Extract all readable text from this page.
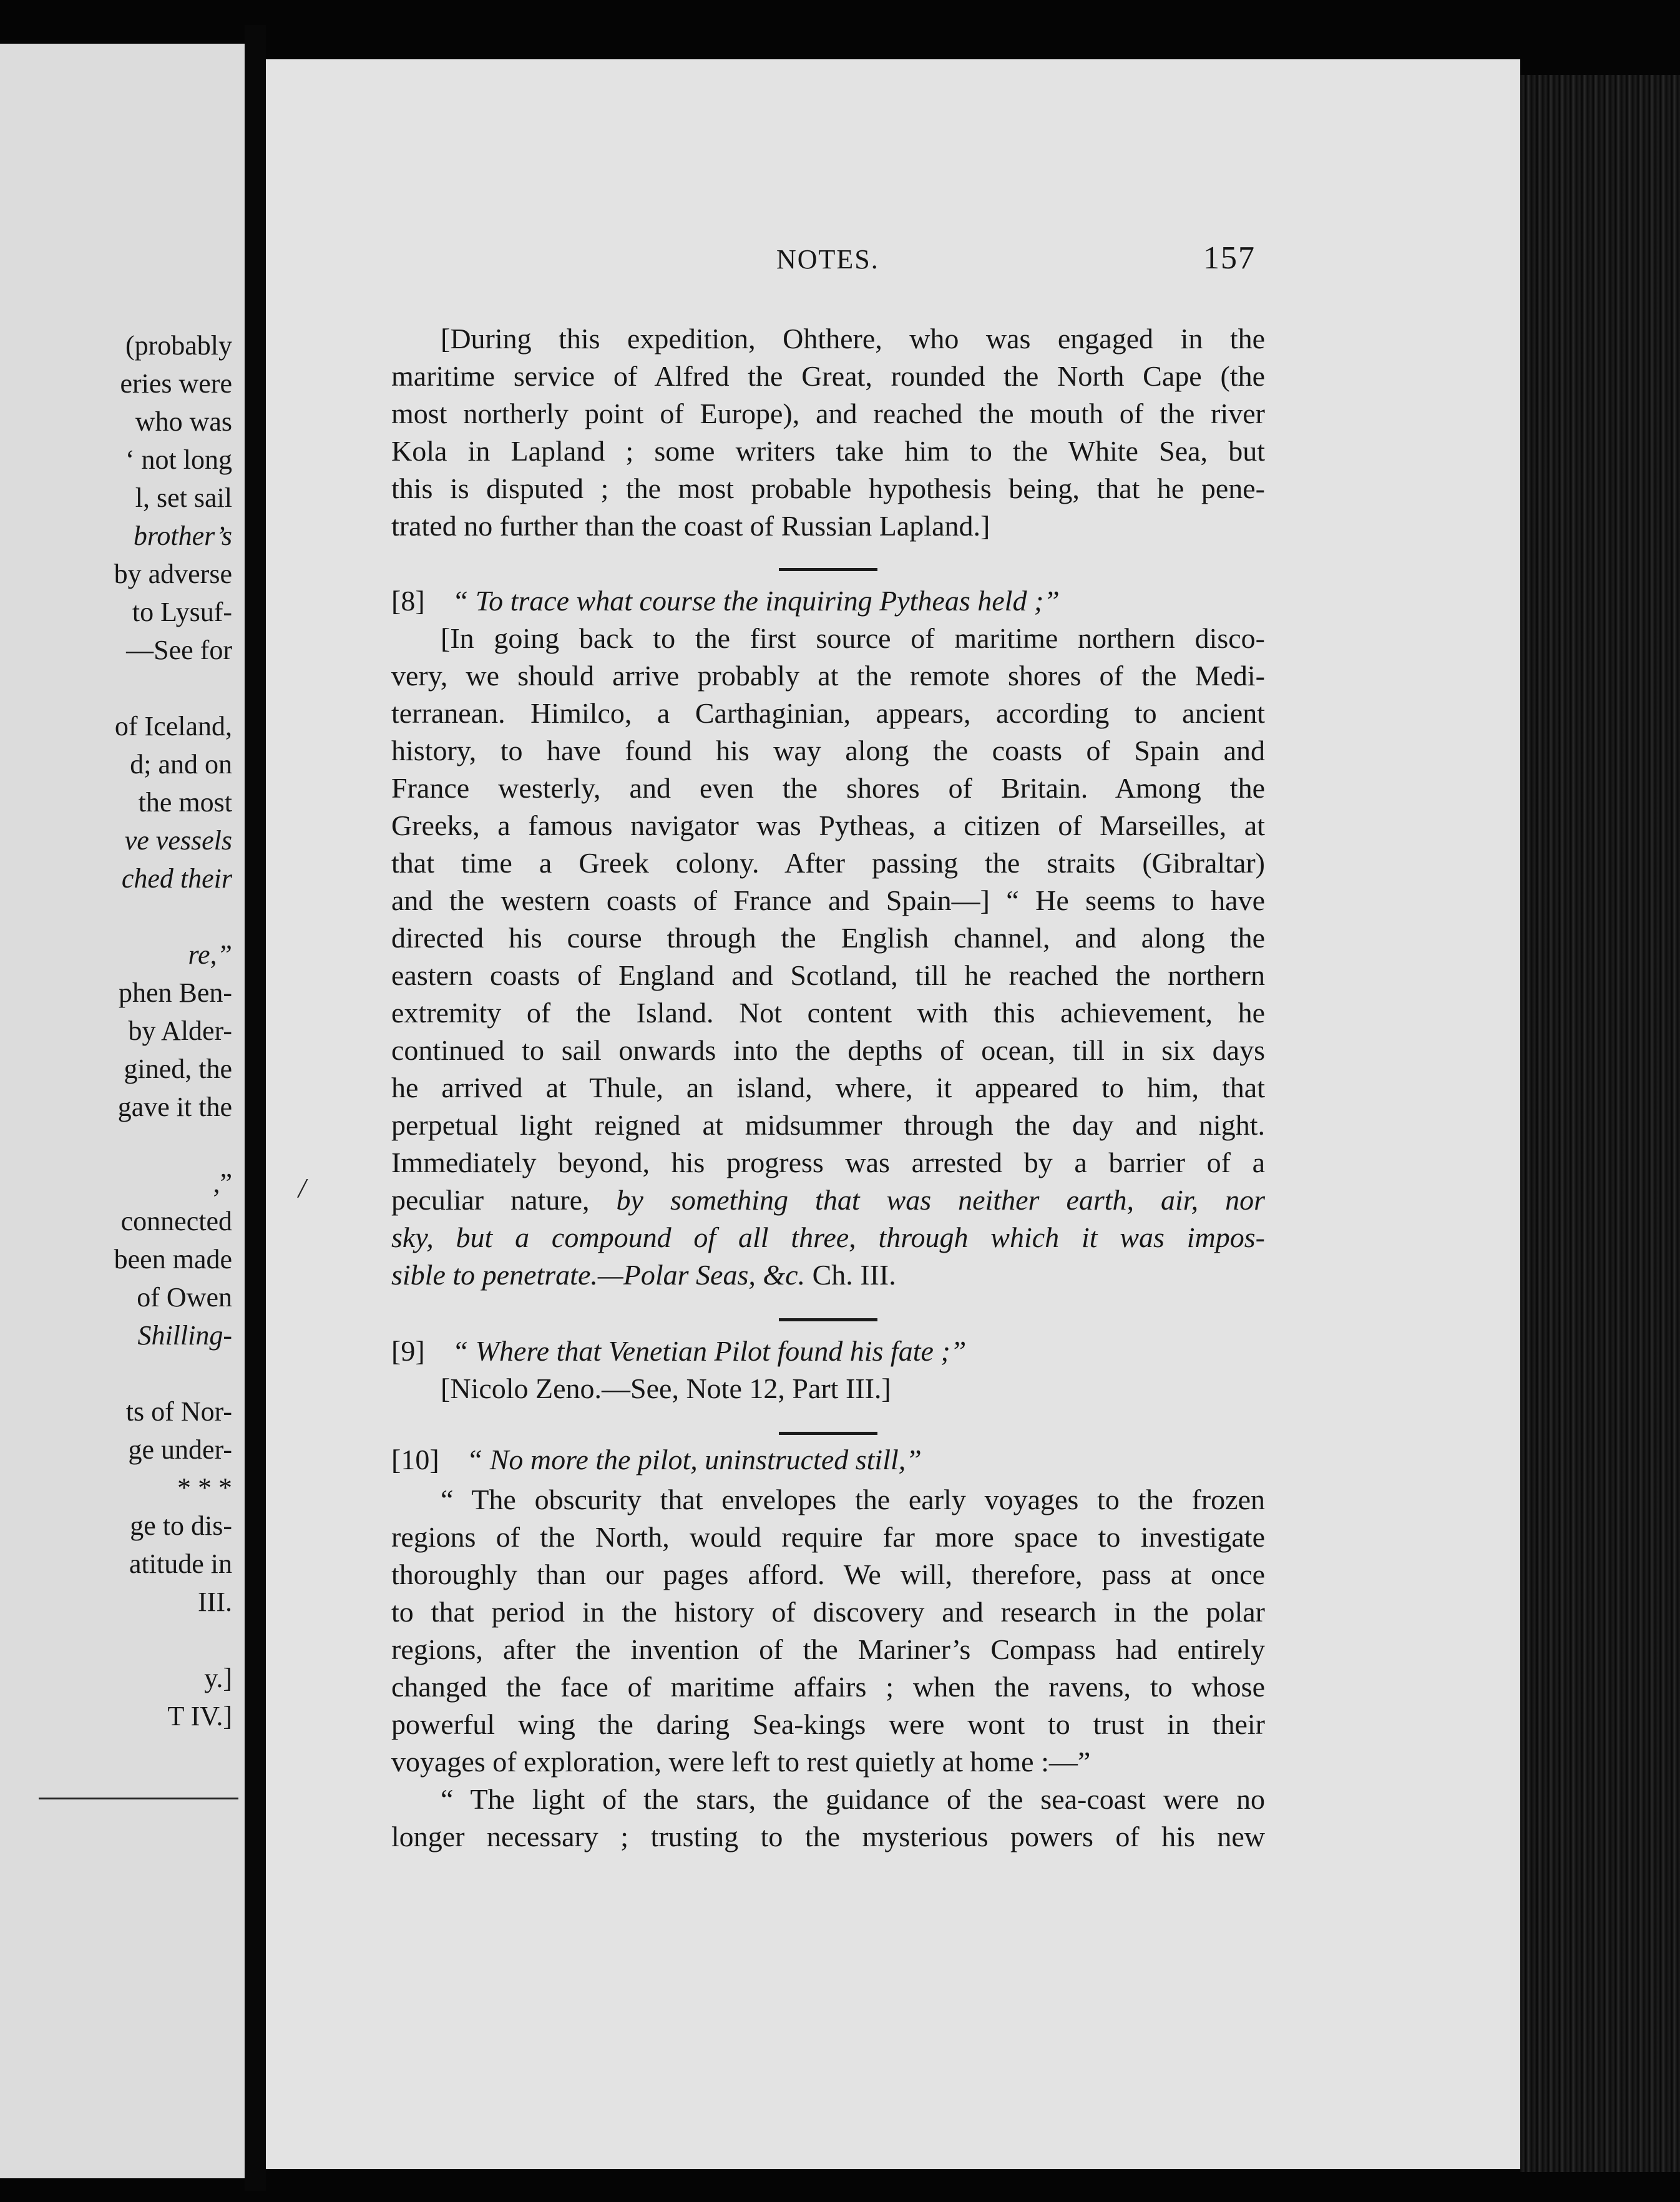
(probably
eries were
who was
‘ not long
l, set sail
brother’s
by adverse
to Lysuf-
—See for
of Iceland,
d; and on
the most
ve vessels
ched their
re,”
phen Ben-
by Alder-
gined, the
gave it the
,”
connected
been made
of Owen
Shilling-
ts of Nor-
ge under-
* * *
ge to dis-
atitude in
III.
y.]
T IV.]
NOTES.	157
[During this expedition, Ohthere, who was engaged in the
maritime service of Alfred the Great, rounded the North Cape (the
most northerly point of Europe), and reached the mouth of the river
Kola in Lapland ; some writers take him to the White Sea, but
this is disputed ; the most probable hypothesis being, that he pene-
trated no further than the coast of Russian Lapland.]
[8] “ To trace what course the inquiring Pytheas held ;”
[In going back to the first source of maritime northern disco-
very, we should arrive probably at the remote shores of the Medi-
terranean. Himilco, a Carthaginian, appears, according to ancient
history, to have found his way along the coasts of Spain and
France westerly, and even the shores of Britain. Among the
Greeks, a famous navigator was Pytheas, a citizen of Marseilles, at
that time a Greek colony. After passing the straits (Gibraltar)
and the western coasts of France and Spain—] “ He seems to have
directed his course through the English channel, and along the
eastern coasts of England and Scotland, till he reached the northern
extremity of the Island. Not content with this achievement, he
continued to sail onwards into the depths of ocean, till in six days
he arrived at Thule, an island, where, it appeared to him, that
perpetual light reigned at midsummer through the day and night.
Immediately beyond, his progress was arrested by a barrier of a
peculiar nature, by something that was neither earth, air, nor
sky, but a compound of all three, through which it was impos-
sible to penetrate.—Polar Seas, &c. Ch. III.
[9] “ Where that Venetian Pilot found his fate ;”
[Nicolo Zeno.—See, Note 12, Part III.]
[10] “ No more the pilot, uninstructed still,”
“ The obscurity that envelopes the early voyages to the frozen
regions of the North, would require far more space to investigate
thoroughly than our pages afford. We will, therefore, pass at once
to that period in the history of discovery and research in the polar
regions, after the invention of the Mariner’s Compass had entirely
changed the face of maritime affairs ; when the ravens, to whose
powerful wing the daring Sea-kings were wont to trust in their
voyages of exploration, were left to rest quietly at home :—”
“ The light of the stars, the guidance of the sea-coast were no
longer necessary ; trusting to the mysterious powers of his new
/
